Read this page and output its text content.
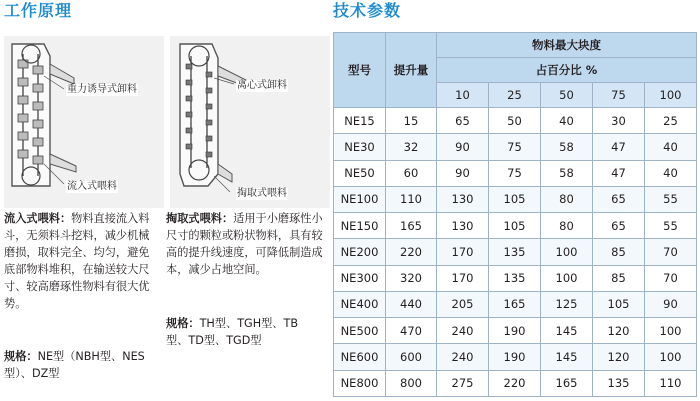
工作原理	技术参数
重力诱导式卸料
流入式喂料
离心式卸料
掏取式喂料

流入式喂料：物料直接流入料斗，无须料斗挖料，减少机械磨损，取料完全、均匀，避免底部物料堆积，在输送较大尺寸、较高磨琢性物料有很大优势。

规格：NE型（NBH型、NES型）、DZ型

掏取式喂料：适用于小磨琢性小尺寸的颗粒或粉状物料，具有较高的提升线速度，可降低制造成本，减少占地空间。

规格：TH型、TGH型、TB型、TD型、TGD型

型号	提升量	物料最大块度				
		占百分比 %				
		10	25	50	75	100
NE15	15	65	50	40	30	25
NE30	32	90	75	58	47	40
NE50	60	90	75	58	47	40
NE100	110	130	105	80	65	55
NE150	165	130	105	80	65	55
NE200	220	170	135	100	85	70
NE300	320	170	135	100	85	70
NE400	440	205	165	125	105	90
NE500	470	240	190	145	120	100
NE600	600	240	190	145	120	100
NE800	800	275	220	165	135	110
